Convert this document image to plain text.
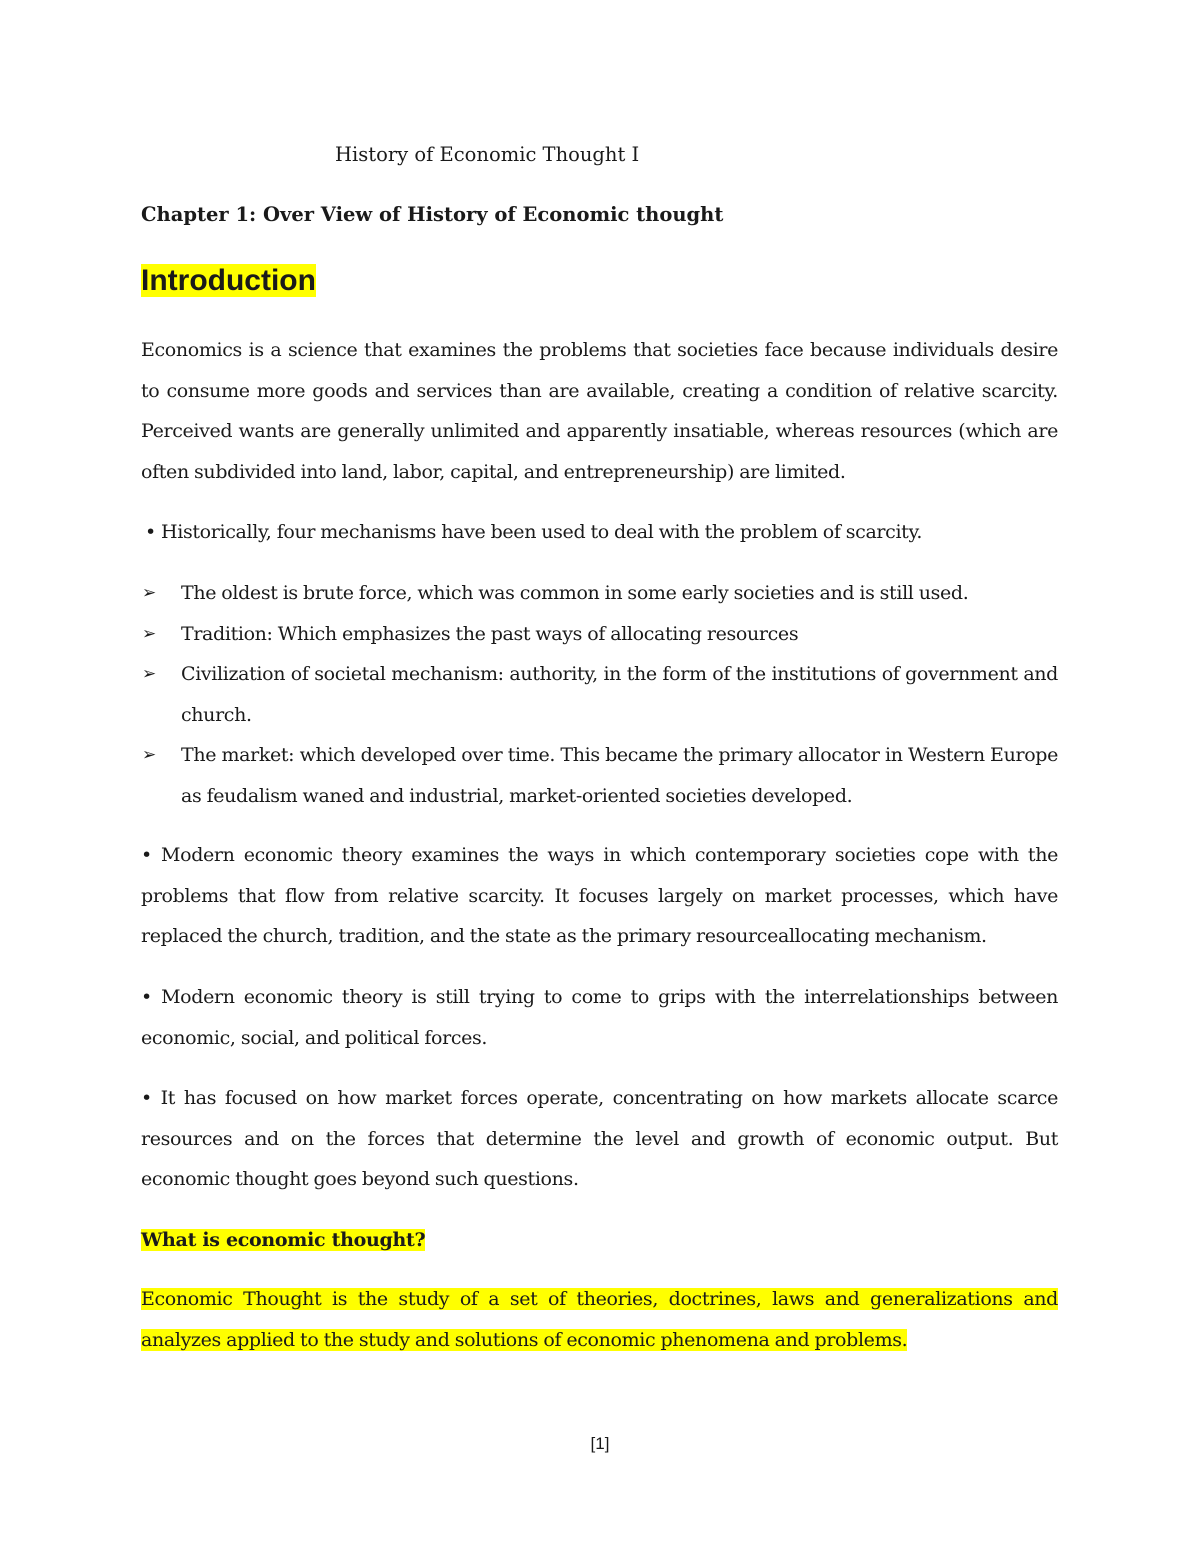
History of Economic Thought I
Chapter 1: Over View of History of Economic thought
Introduction

Economics is a science that examines the problems that societies face because individuals desire to consume more goods and services than are available, creating a condition of relative scarcity. Perceived wants are generally unlimited and apparently insatiable, whereas resources (which are often subdivided into land, labor, capital, and entrepreneurship) are limited.

• Historically, four mechanisms have been used to deal with the problem of scarcity.

➢ The oldest is brute force, which was common in some early societies and is still used.
➢ Tradition: Which emphasizes the past ways of allocating resources
➢ Civilization of societal mechanism: authority, in the form of the institutions of government and church.
➢ The market: which developed over time. This became the primary allocator in Western Europe as feudalism waned and industrial, market-oriented societies developed.

• Modern economic theory examines the ways in which contemporary societies cope with the problems that flow from relative scarcity. It focuses largely on market processes, which have replaced the church, tradition, and the state as the primary resourceallocating mechanism.

• Modern economic theory is still trying to come to grips with the interrelationships between economic, social, and political forces.

• It has focused on how market forces operate, concentrating on how markets allocate scarce resources and on the forces that determine the level and growth of economic output. But economic thought goes beyond such questions.

What is economic thought?

Economic Thought is the study of a set of theories, doctrines, laws and generalizations and analyzes applied to the study and solutions of economic phenomena and problems.

[1]
